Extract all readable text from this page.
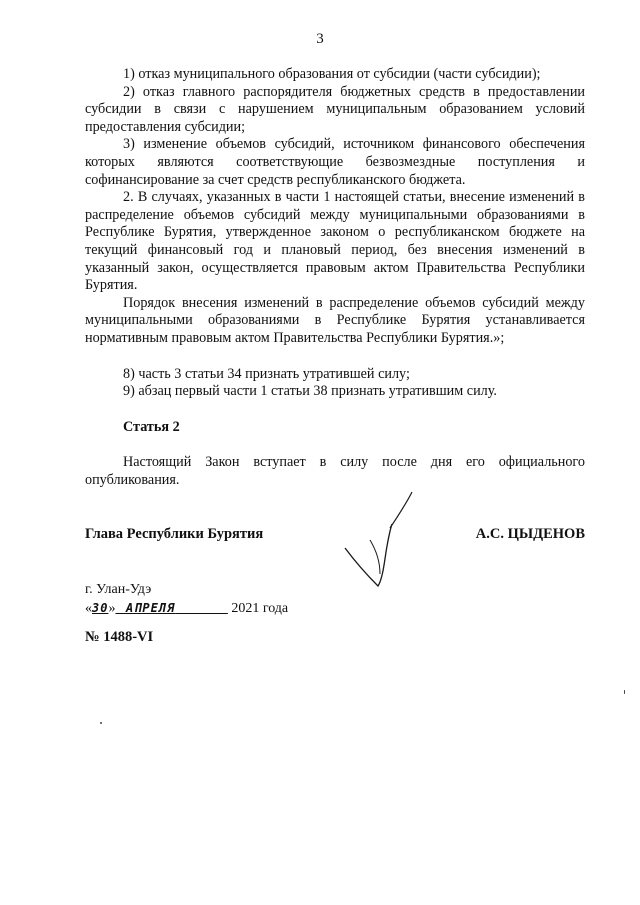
3

1) отказ муниципального образования от субсидии (части субсидии);

2) отказ главного распорядителя бюджетных средств в предоставлении субсидии в связи с нарушением муниципальным образованием условий предоставления субсидии;

3) изменение объемов субсидий, источником финансового обеспечения которых являются соответствующие безвозмездные поступления и софинансирование за счет средств республиканского бюджета.

2. В случаях, указанных в части 1 настоящей статьи, внесение изменений в распределение объемов субсидий между муниципальными образованиями в Республике Бурятия, утвержденное законом о республиканском бюджете на текущий финансовый год и плановый период, без внесения изменений в указанный закон, осуществляется правовым актом Правительства Республики Бурятия.

Порядок внесения изменений в распределение объемов субсидий между муниципальными образованиями в Республике Бурятия устанавливается нормативным правовым актом Правительства Республики Бурятия.»;

8) часть 3 статьи 34 признать утратившей силу;

9) абзац первый части 1 статьи 38 признать утратившим силу.

Статья 2

Настоящий Закон вступает в силу после дня его официального опубликования.

Глава Республики Бурятия	А.С. ЦЫДЕНОВ
г. Улан-Удэ
«30» АПРЕЛЯ	2021 года
№ 1488-VI
